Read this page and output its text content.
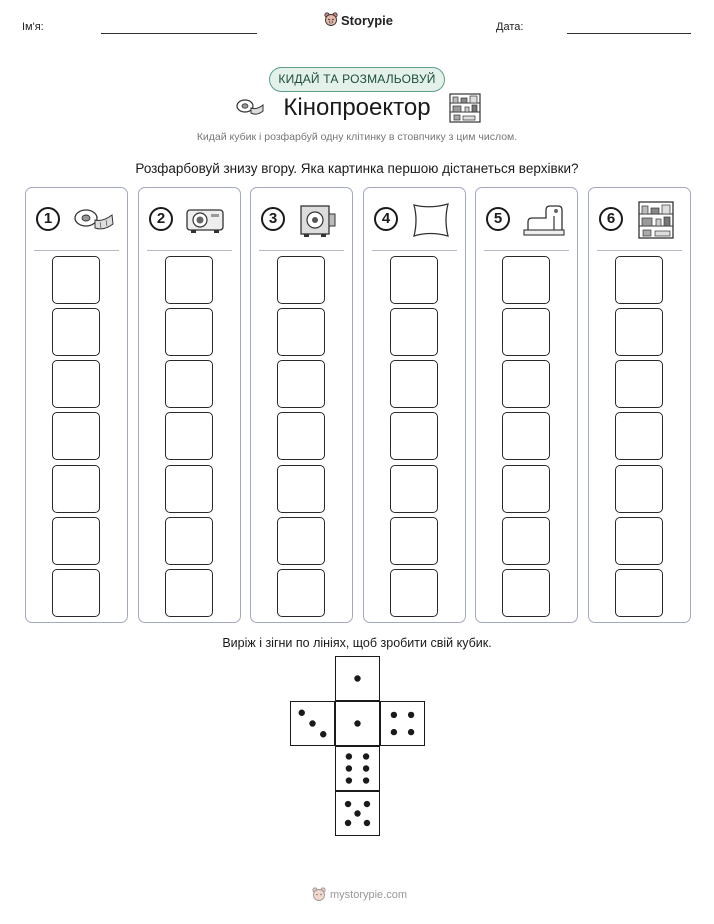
Ім'я:	Storypie	Дата:
КИДАЙ ТА РОЗМАЛЬОВУЙ
Кінопроектор
Кидай кубик і розфарбуй одну клітинку в стовпчику з цим числом.
Розфарбовуй знизу вгору. Яка картинка першою дістанеться верхівки?
1	2	3	4	5	6
Виріж і зігни по лініях, щоб зробити свій кубик.
mystorypie.com
